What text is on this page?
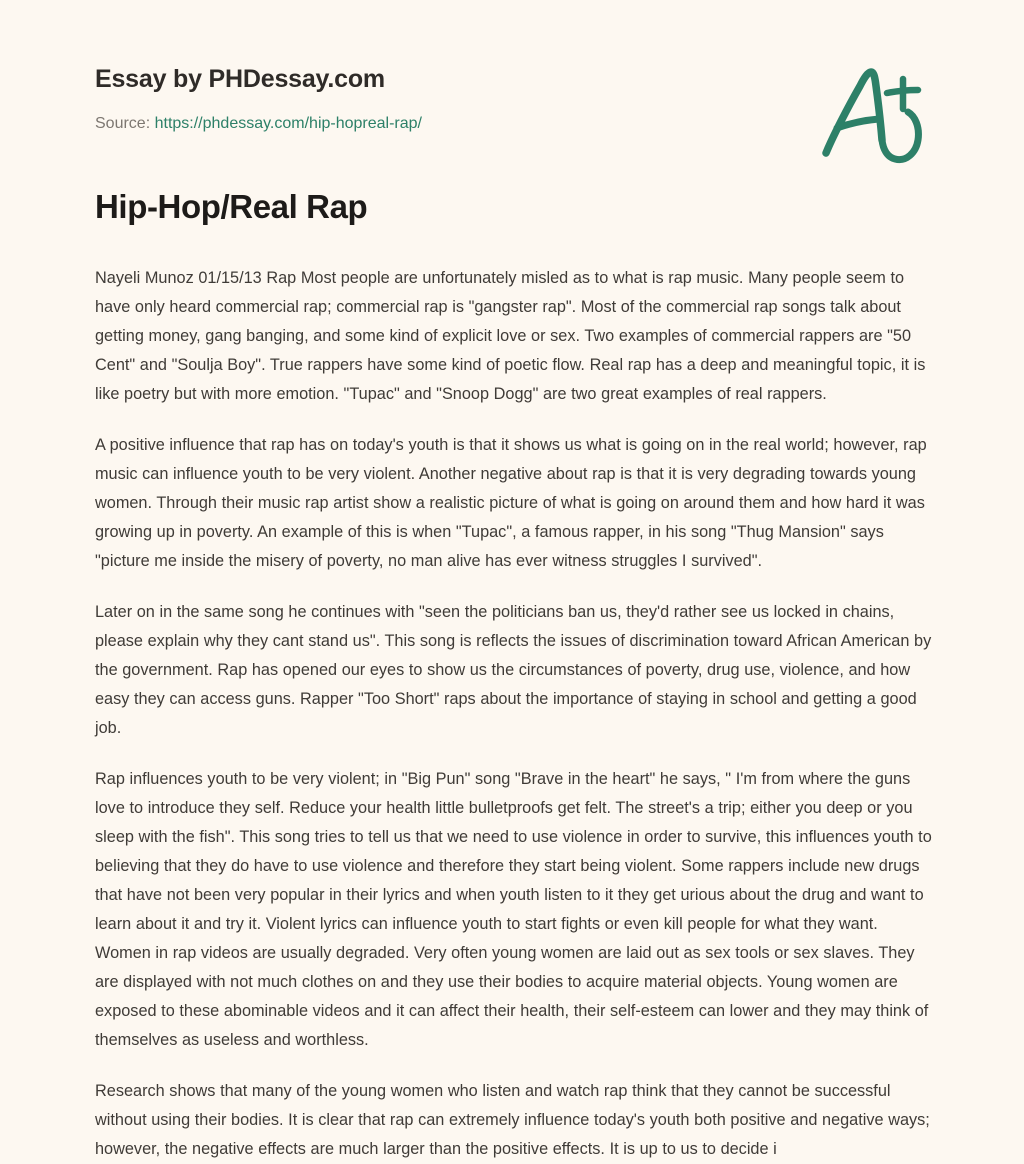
Essay by PHDessay.com
Source: https://phdessay.com/hip-hopreal-rap/
Hip-Hop/Real Rap

Nayeli Munoz 01/15/13 Rap Most people are unfortunately misled as to what is rap music. Many people seem to have only heard commercial rap; commercial rap is "gangster rap". Most of the commercial rap songs talk about getting money, gang banging, and some kind of explicit love or sex. Two examples of commercial rappers are "50 Cent" and "Soulja Boy". True rappers have some kind of poetic flow. Real rap has a deep and meaningful topic, it is like poetry but with more emotion. "Tupac" and "Snoop Dogg" are two great examples of real rappers.

A positive influence that rap has on today's youth is that it shows us what is going on in the real world; however, rap music can influence youth to be very violent. Another negative about rap is that it is very degrading towards young women. Through their music rap artist show a realistic picture of what is going on around them and how hard it was growing up in poverty. An example of this is when "Tupac", a famous rapper, in his song "Thug Mansion" says "picture me inside the misery of poverty, no man alive has ever witness struggles I survived".

Later on in the same song he continues with "seen the politicians ban us, they'd rather see us locked in chains, please explain why they cant stand us". This song is reflects the issues of discrimination toward African American by the government. Rap has opened our eyes to show us the circumstances of poverty, drug use, violence, and how easy they can access guns. Rapper "Too Short" raps about the importance of staying in school and getting a good job.

Rap influences youth to be very violent; in "Big Pun" song "Brave in the heart" he says, " I'm from where the guns love to introduce they self. Reduce your health little bulletproofs get felt. The street's a trip; either you deep or you sleep with the fish". This song tries to tell us that we need to use violence in order to survive, this influences youth to believing that they do have to use violence and therefore they start being violent. Some rappers include new drugs that have not been very popular in their lyrics and when youth listen to it they get urious about the drug and want to learn about it and try it. Violent lyrics can influence youth to start fights or even kill people for what they want. Women in rap videos are usually degraded. Very often young women are laid out as sex tools or sex slaves. They are displayed with not much clothes on and they use their bodies to acquire material objects. Young women are exposed to these abominable videos and it can affect their health, their self-esteem can lower and they may think of themselves as useless and worthless.

Research shows that many of the young women who listen and watch rap think that they cannot be successful without using their bodies. It is clear that rap can extremely influence today's youth both positive and negative ways; however, the negative effects are much larger than the positive effects. It is up to us to decide i
